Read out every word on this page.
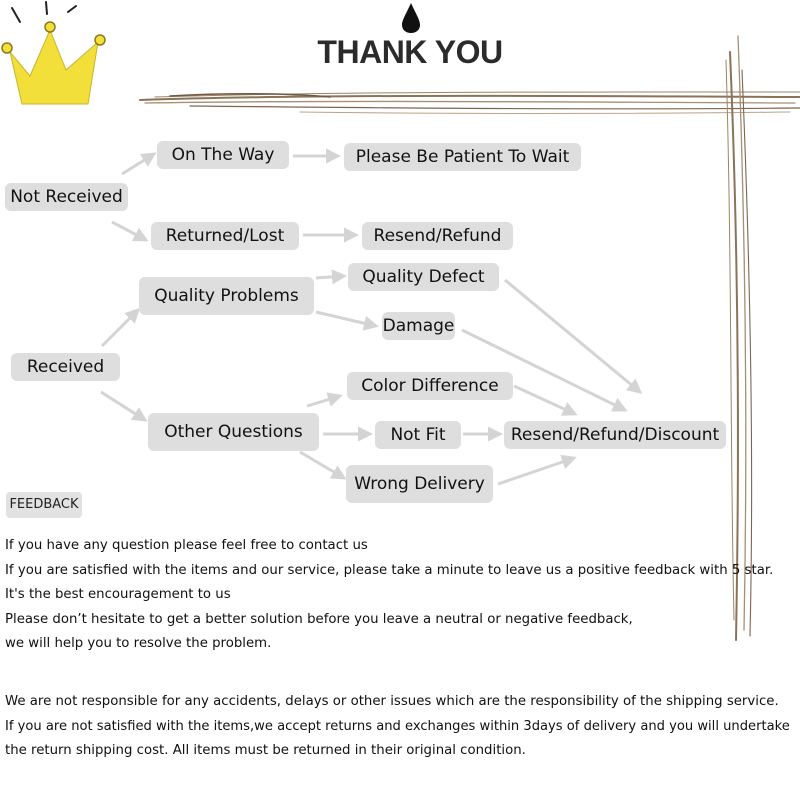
THANK YOU
Not Received
On The Way	Please Be Patient To Wait
Returned/Lost	Resend/Refund
Received
Quality Problems
Quality Defect
Damage
Color Difference
Other Questions	Not Fit
Wrong Delivery
Resend/Refund/Discount
FEEDBACK
If you have any question please feel free to contact us
If you are satisfied with the items and our service, please take a minute to leave us a positive feedback with 5 star.
It's the best encouragement to us
Please don’t hesitate to get a better solution before you leave a neutral or negative feedback,
we will help you to resolve the problem.
We are not responsible for any accidents, delays or other issues which are the responsibility of the shipping service.
If you are not satisfied with the items,we accept returns and exchanges within 3days of delivery and you will undertake
the return shipping cost. All items must be returned in their original condition.
